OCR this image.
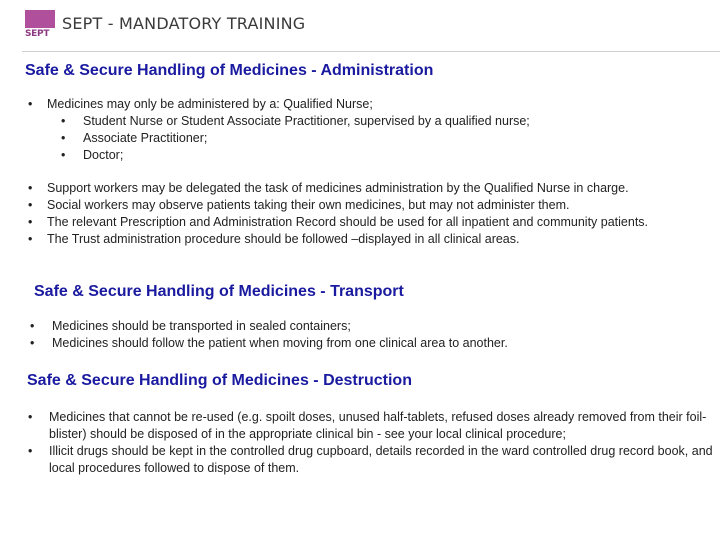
SEPT
SEPT - MANDATORY TRAINING
Safe & Secure Handling of Medicines - Administration
• Medicines may only be administered by a: Qualified Nurse;
• Student Nurse or Student Associate Practitioner, supervised by a qualified nurse;
• Associate Practitioner;
• Doctor;
• Support workers may be delegated the task of medicines administration by the Qualified Nurse in charge.
• Social workers may observe patients taking their own medicines, but may not administer them.
• The relevant Prescription and Administration Record should be used for all inpatient and community patients.
• The Trust administration procedure should be followed –displayed in all clinical areas.
Safe & Secure Handling of Medicines - Transport
• Medicines should be transported in sealed containers;
• Medicines should follow the patient when moving from one clinical area to another.
Safe & Secure Handling of Medicines - Destruction
• Medicines that cannot be re-used (e.g. spoilt doses, unused half-tablets, refused doses already removed from their foil-blister) should be disposed of in the appropriate clinical bin - see your local clinical procedure;
• Illicit drugs should be kept in the controlled drug cupboard, details recorded in the ward controlled drug record book, and local procedures followed to dispose of them.
